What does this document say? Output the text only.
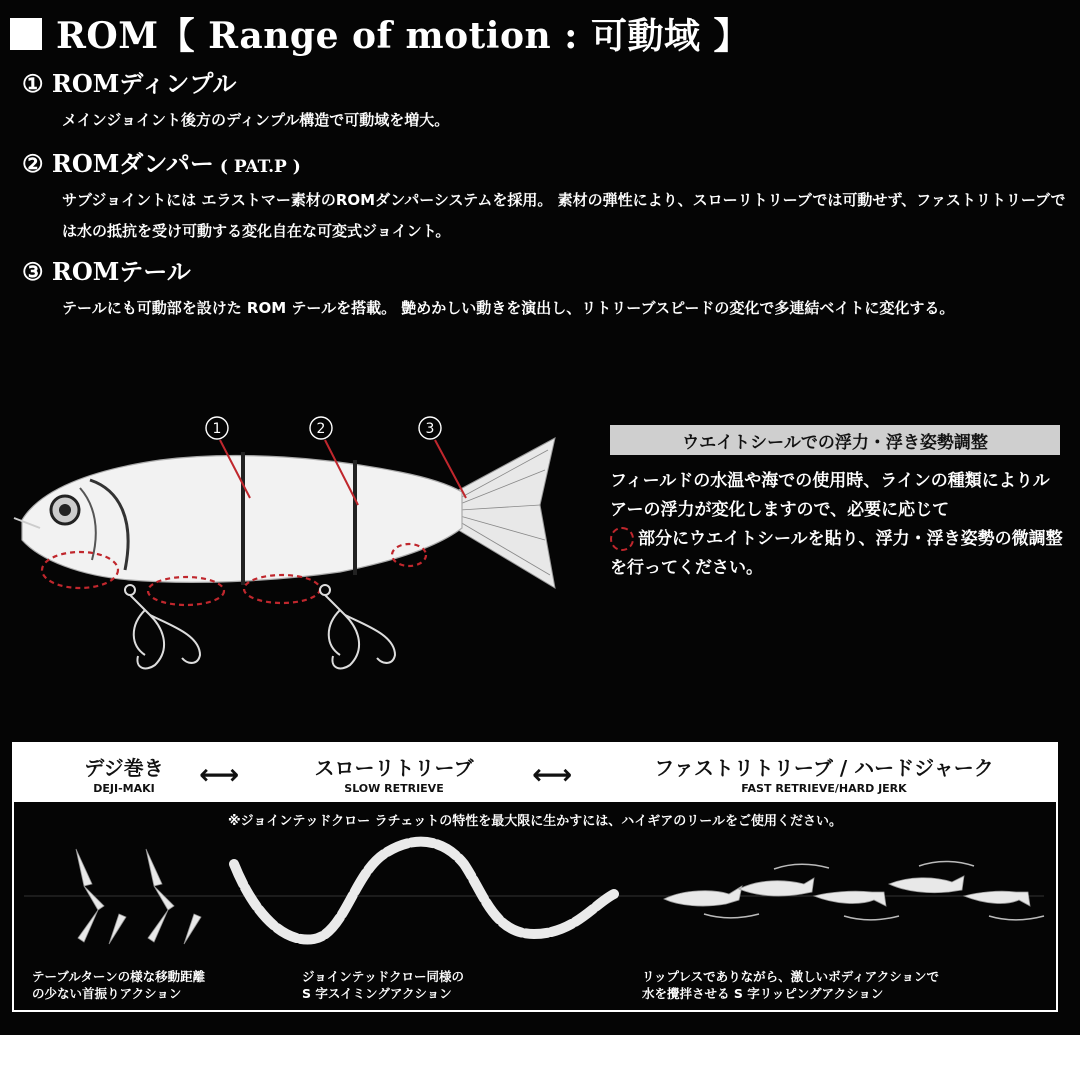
ROM【 Range of motion : 可動域 】
① ROMディンプル
メインジョイント後方のディンプル構造で可動域を増大。
② ROMダンパー ( PAT.P )
サブジョイントには エラストマー素材のROMダンパーシステムを採用。 素材の弾性により、スローリトリーブでは可動せず、ファストリトリーブでは水の抵抗を受け可動する変化自在な可変式ジョイント。
③ ROMテール
テールにも可動部を設けた ROM テールを搭載。 艶めかしい動きを演出し、リトリーブスピードの変化で多連結ベイトに変化する。
1	2	3
ウエイトシールでの浮力・浮き姿勢調整
フィールドの水温や海での使用時、ラインの種類によりルアーの浮力が変化しますので、必要に応じて
部分にウエイトシールを貼り、浮力・浮き姿勢の微調整を行ってください。
デジ巻き
DEJI-MAKI	⟷	スローリトリーブ
SLOW RETRIEVE	⟷	ファストリトリーブ / ハードジャーク
FAST RETRIEVE/HARD JERK
※ジョインテッドクロー ラチェットの特性を最大限に生かすには、ハイギアのリールをご使用ください。
テーブルターンの様な移動距離
の少ない首振りアクション
ジョインテッドクロー同様の
S 字スイミングアクション
リップレスでありながら、激しいボディアクションで
水を攪拌させる S 字リッピングアクション
